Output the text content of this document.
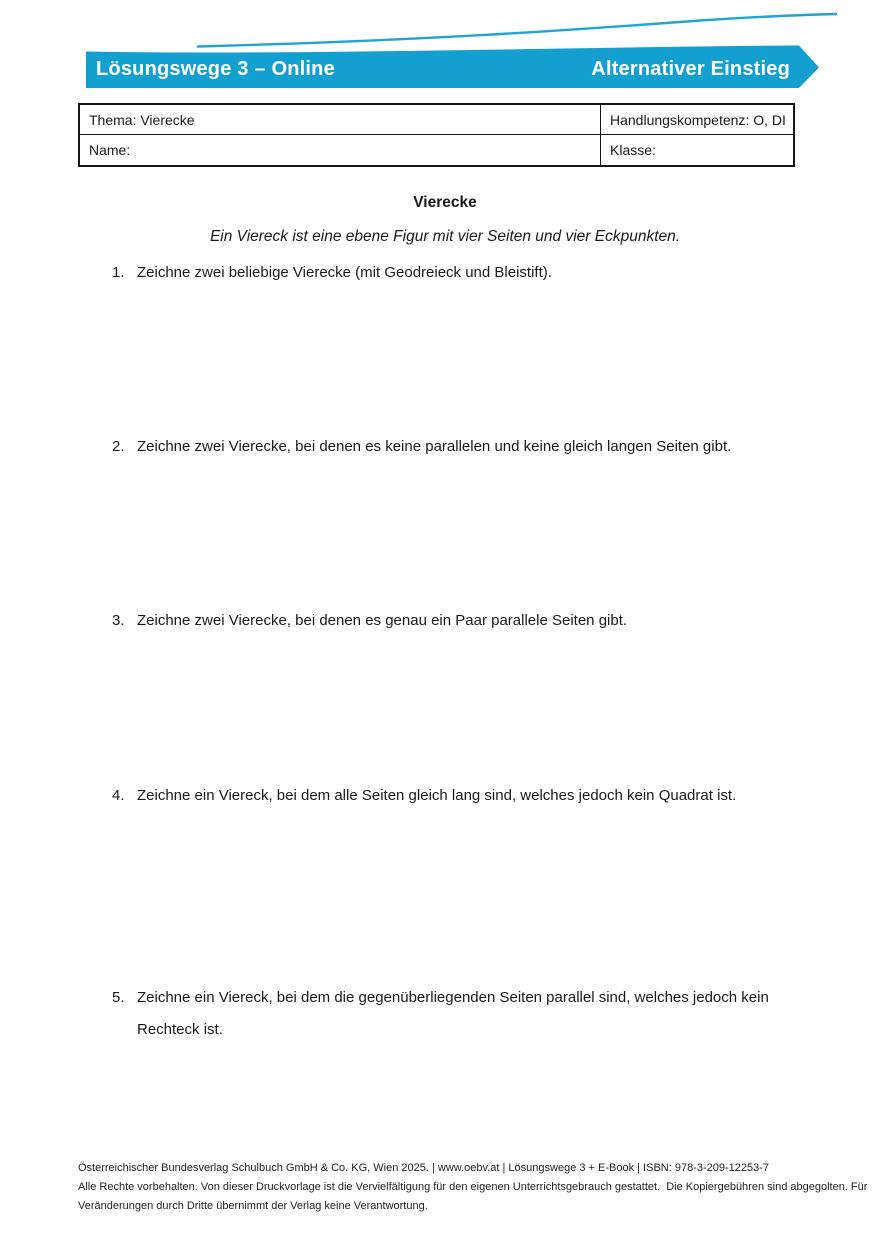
Lösungswege 3 – Online	Alternativer Einstieg
Thema: Vierecke	Handlungskompetenz: O, DI
Name:	Klasse:
Vierecke
Ein Viereck ist eine ebene Figur mit vier Seiten und vier Eckpunkten.
1. Zeichne zwei beliebige Vierecke (mit Geodreieck und Bleistift).
2. Zeichne zwei Vierecke, bei denen es keine parallelen und keine gleich langen Seiten gibt.
3. Zeichne zwei Vierecke, bei denen es genau ein Paar parallele Seiten gibt.
4. Zeichne ein Viereck, bei dem alle Seiten gleich lang sind, welches jedoch kein Quadrat ist.
5. Zeichne ein Viereck, bei dem die gegenüberliegenden Seiten parallel sind, welches jedoch kein Rechteck ist.
Österreichischer Bundesverlag Schulbuch GmbH & Co. KG, Wien 2025. | www.oebv.at | Lösungswege 3 + E-Book | ISBN: 978-3-209-12253-7
Alle Rechte vorbehalten. Von dieser Druckvorlage ist die Vervielfältigung für den eigenen Unterrichtsgebrauch gestattet.  Die Kopiergebühren sind abgegolten. Für
Veränderungen durch Dritte übernimmt der Verlag keine Verantwortung.
